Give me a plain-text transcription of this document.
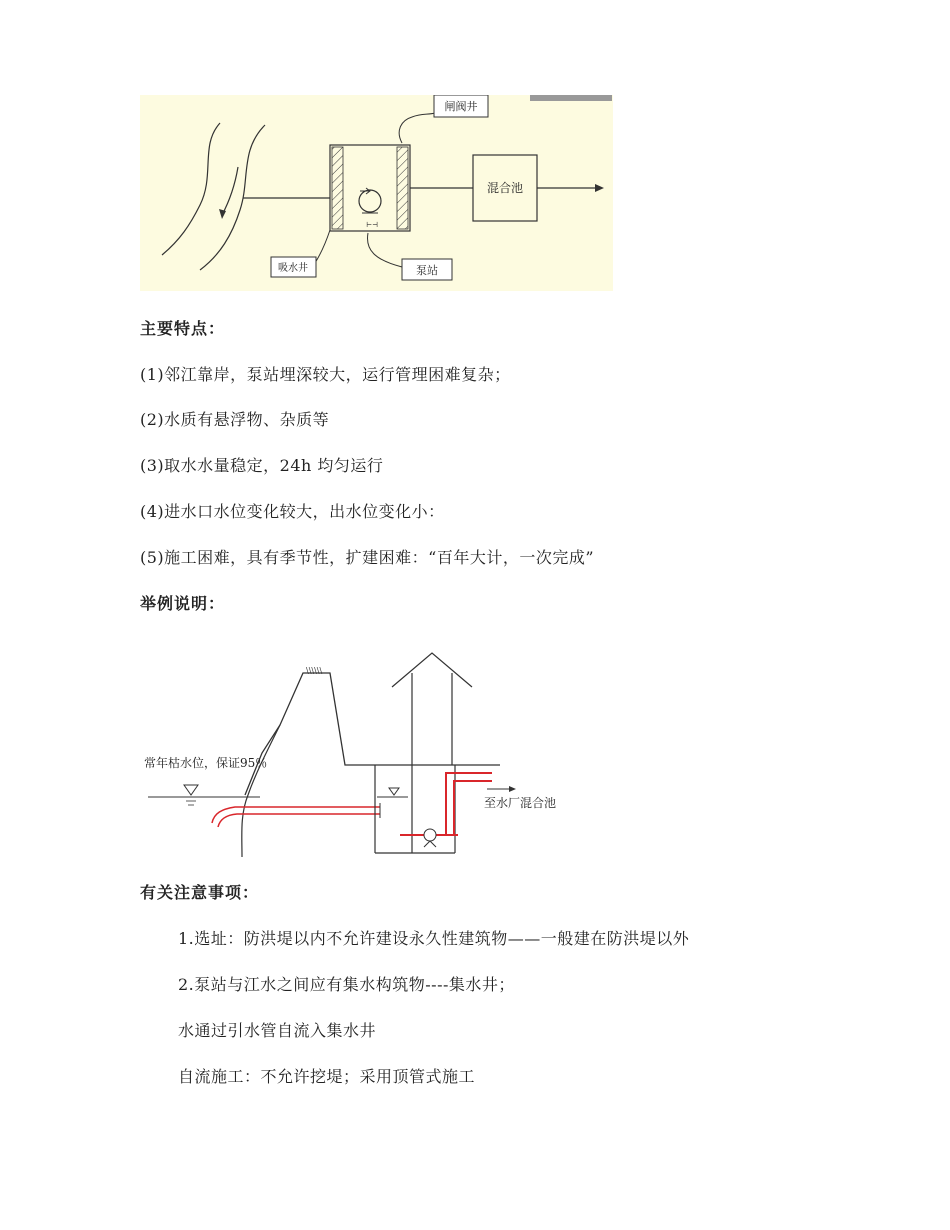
⊢⊣
混合池
闸阀井
吸水井	泵站
主要特点：
(1)邻江靠岸，泵站埋深较大，运行管理困难复杂；
(2)水质有悬浮物、杂质等
(3)取水水量稳定，24h 均匀运行
(4)进水口水位变化较大，出水位变化小：
(5)施工困难，具有季节性，扩建困难：“百年大计，一次完成”
举例说明：
\\\\\\
常年枯水位，保证95％
至水厂混合池
有关注意事项：
1.选址：防洪堤以内不允许建设永久性建筑物——一般建在防洪堤以外
2.泵站与江水之间应有集水构筑物----集水井；
水通过引水管自流入集水井
自流施工：不允许挖堤；采用顶管式施工
